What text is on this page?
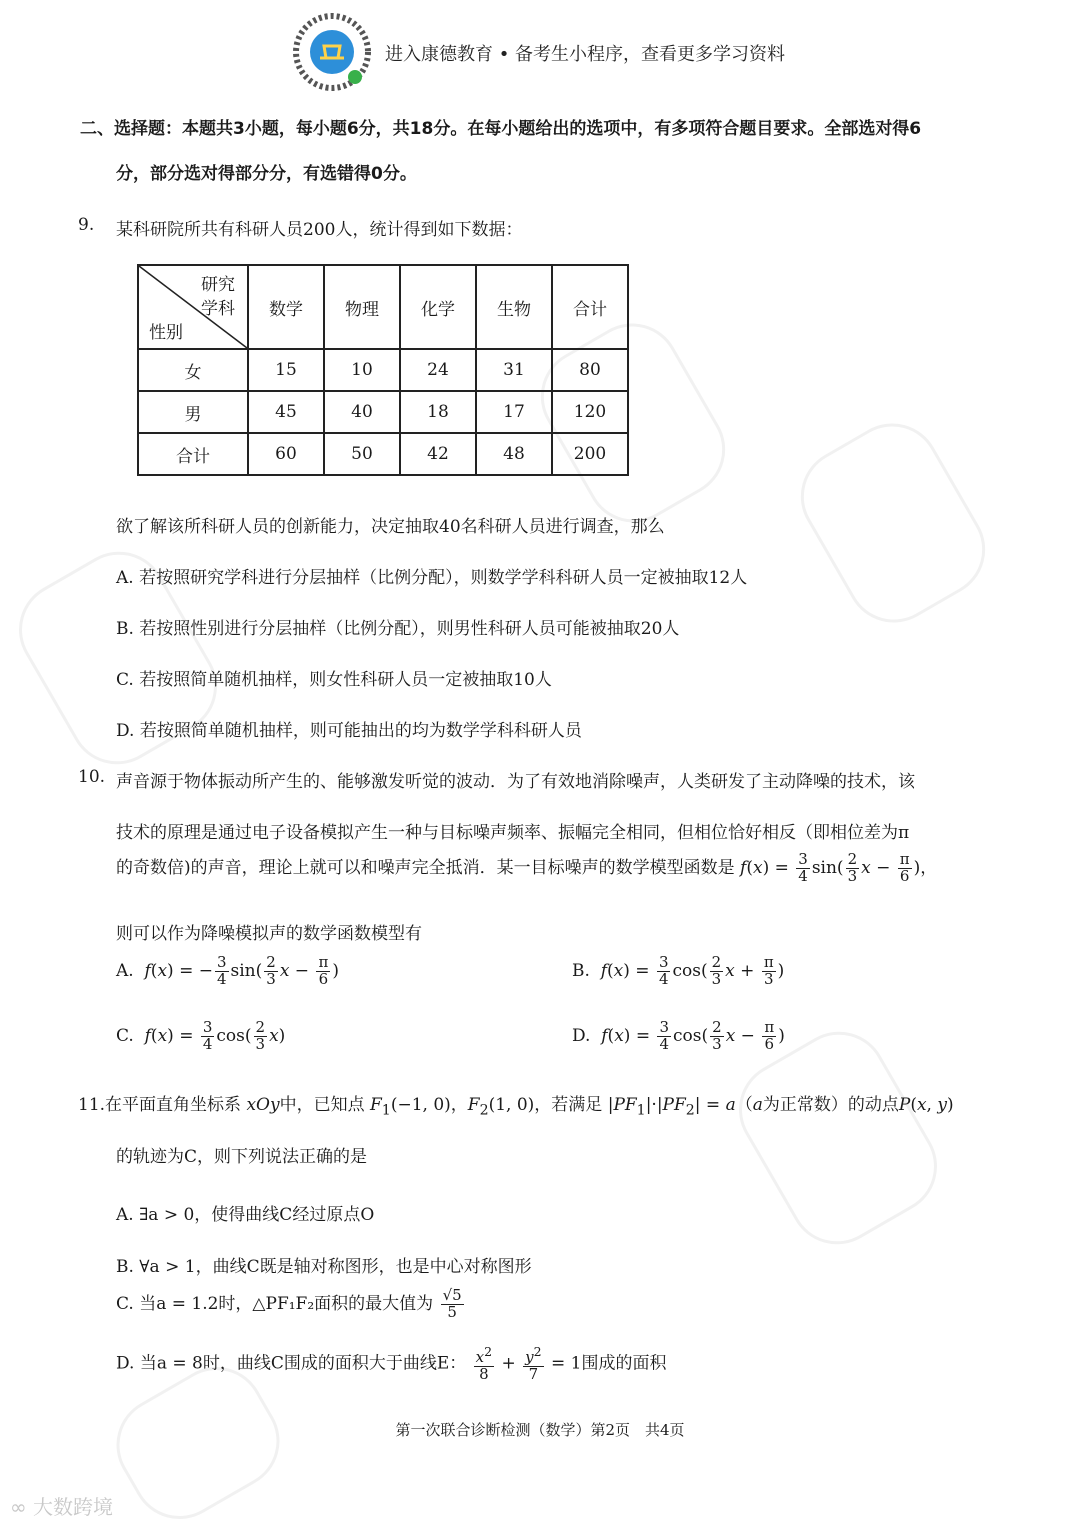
进入康德教育 • 备考生小程序，查看更多学习资料
二、选择题：本题共3小题，每小题6分，共18分。在每小题给出的选项中，有多项符合题目要求。全部选对得6
分，部分选对得部分分，有选错得0分。
9. 某科研院所共有科研人员200人，统计得到如下数据：
研究
学科
性别	数学	物理	化学	生物	合计
女	15	10	24	31	80
男	45	40	18	17	120
合计	60	50	42	48	200
欲了解该所科研人员的创新能力，决定抽取40名科研人员进行调查，那么
A. 若按照研究学科进行分层抽样（比例分配），则数学学科科研人员一定被抽取12人
B. 若按照性别进行分层抽样（比例分配），则男性科研人员可能被抽取20人
C. 若按照简单随机抽样，则女性科研人员一定被抽取10人
D. 若按照简单随机抽样，则可能抽出的均为数学学科科研人员
10. 声音源于物体振动所产生的、能够激发听觉的波动．为了有效地消除噪声，人类研发了主动降噪的技术，该
技术的原理是通过电子设备模拟产生一种与目标噪声频率、振幅完全相同，但相位恰好相反（即相位差为π
的奇数倍)的声音，理论上就可以和噪声完全抵消．某一目标噪声的数学模型函数是 $f(x) = \frac{3}{4} \sin( \frac{2}{3}$ $x - \frac{\pi}{6}$ )，
则可以作为降噪模拟声的数学函数模型有
A. f(x) = − $\frac{3}{4} \sin( \frac{2}{3}$ $x - \frac{\pi}{6}$ )	B. $f(x) = \frac{3}{4} \cos( \frac{2}{3}$ $x + \frac{\pi}{3}$ )
C. $f(x) = \frac{3}{4} \cos( \frac{2}{3} x)$	D. $f(x) = \frac{3}{4} \cos( \frac{2}{3}$ $x - \frac{\pi}{6}$ )
11.在平面直角坐标系 xOy中，已知点 $F_1(-1$, 0)，$F_2(1$, 0)，若满足 $|PF_1|\cdot|PF_2| = a(a$为正常数）的动点P(x, y)
的轨迹为C，则下列说法正确的是
A. ∃a > 0，使得曲线C经过原点O
B. ∀a > 1，曲线C既是轴对称图形，也是中心对称图形
C. 当a = 1.2时，△PF₁F₂面积的最大值为 $\frac{√5}{5}$
D. 当a = 8时，曲线C围成的面积大于曲线E： $\frac{x^2}{8} + \frac{y^2}{7} = 1$围成的面积
第一次联合诊断检测（数学）第2页　共4页
∞ 大数跨境
